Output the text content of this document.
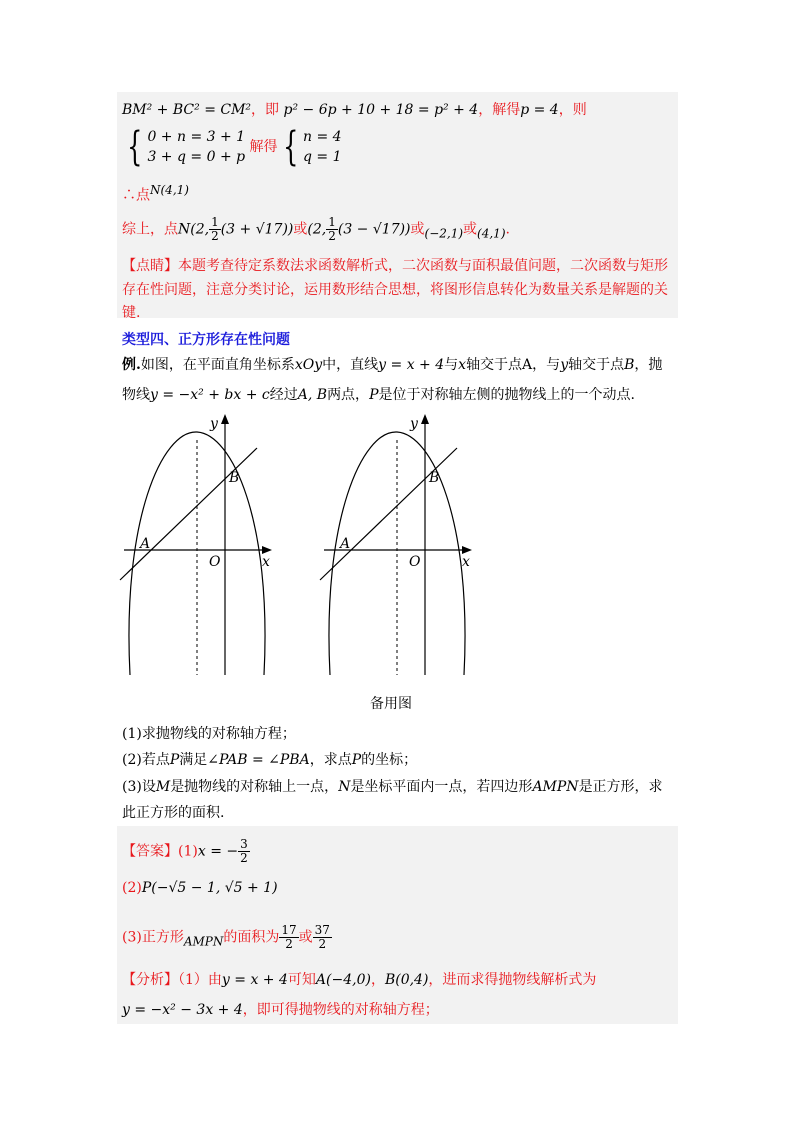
BM² + BC² = CM²，即 p² − 6p + 10 + 18 = p² + 4，解得p = 4，则
{ 0 + n = 3 + 1
3 + q = 0 + p
解得 { n = 4
q = 1
∴点N(4,1)
综上，点N(2, $\frac{1}{2} (3 + √17)$)或(2, $\frac{1}{2} (3 - √17)$)或(−2,1)或(4,1).
【点睛】本题考查待定系数法求函数解析式，二次函数与面积最值问题，二次函数与矩形
存在性问题，注意分类讨论，运用数形结合思想，将图形信息转化为数量关系是解题的关
键.
类型四、正方形存在性问题
例.如图，在平面直角坐标系xOy中，直线y = x + 4与x轴交于点A，与y轴交于点B，抛
物线y = −x² + bx + c经过A, B两点，P是位于对称轴左侧的抛物线上的一个动点.
y
B
A
O	x
y
B
A
O	x
备用图
(1)求抛物线的对称轴方程；
(2)若点P满足∠PAB = ∠PBA，求点P的坐标；
(3)设M是抛物线的对称轴上一点，N是坐标平面内一点，若四边形AMPN是正方形，求
此正方形的面积.
【答案】(1)x = − $\frac{3}{2}$
(2)P(−√5 − 1, √5 + 1)
(3)正方形AMPN的面积为 $\frac{17}{2}$ 或 $\frac{37}{2}$
【分析】（1）由y = x + 4可知A(−4,0)，B(0,4)，进而求得抛物线解析式为
y = −x² − 3x + 4，即可得抛物线的对称轴方程；
